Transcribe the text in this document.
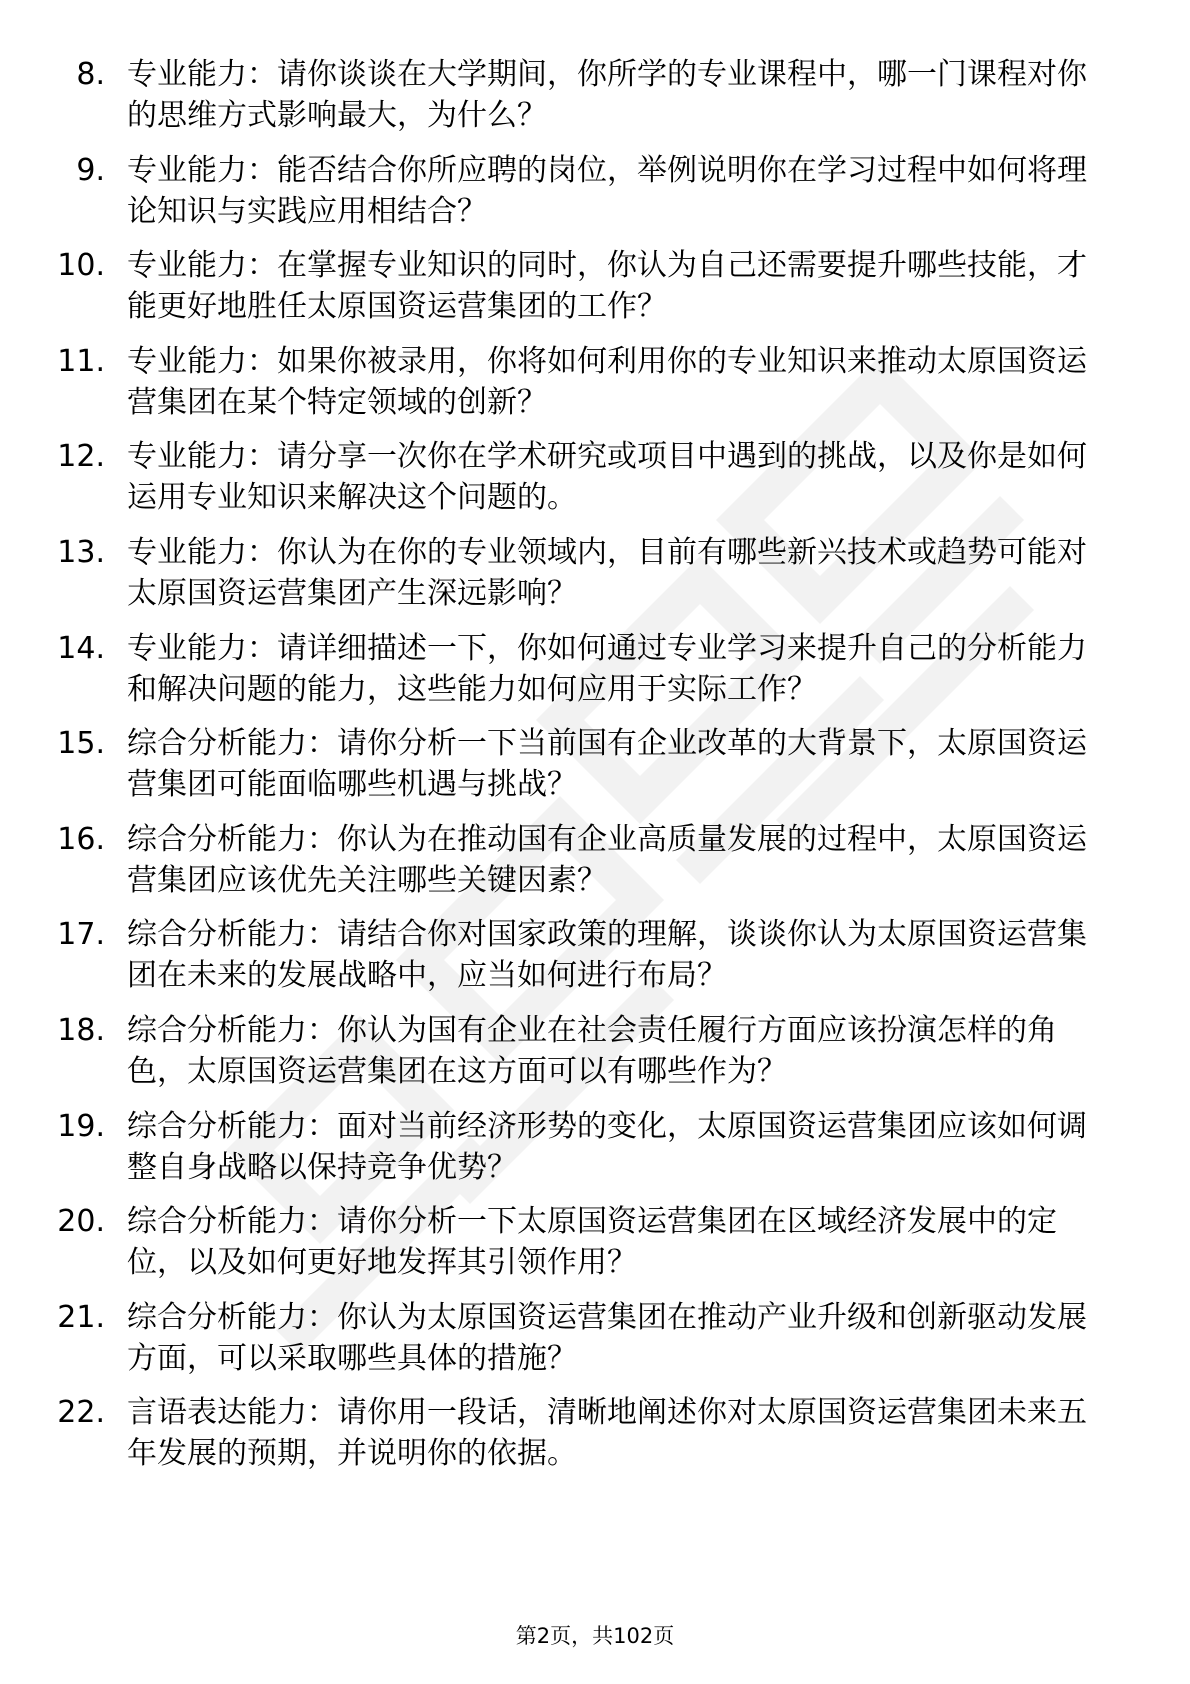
8. 专业能力：请你谈谈在大学期间，你所学的专业课程中，哪一门课程对你的思维方式影响最大，为什么？

9. 专业能力：能否结合你所应聘的岗位，举例说明你在学习过程中如何将理论知识与实践应用相结合？

10. 专业能力：在掌握专业知识的同时，你认为自己还需要提升哪些技能，才能更好地胜任太原国资运营集团的工作？

11. 专业能力：如果你被录用，你将如何利用你的专业知识来推动太原国资运营集团在某个特定领域的创新？

12. 专业能力：请分享一次你在学术研究或项目中遇到的挑战，以及你是如何运用专业知识来解决这个问题的。

13. 专业能力：你认为在你的专业领域内，目前有哪些新兴技术或趋势可能对太原国资运营集团产生深远影响？

14. 专业能力：请详细描述一下，你如何通过专业学习来提升自己的分析能力和解决问题的能力，这些能力如何应用于实际工作？

15. 综合分析能力：请你分析一下当前国有企业改革的大背景下，太原国资运营集团可能面临哪些机遇与挑战？

16. 综合分析能力：你认为在推动国有企业高质量发展的过程中，太原国资运营集团应该优先关注哪些关键因素？

17. 综合分析能力：请结合你对国家政策的理解，谈谈你认为太原国资运营集团在未来的发展战略中，应当如何进行布局？

18. 综合分析能力：你认为国有企业在社会责任履行方面应该扮演怎样的角色，太原国资运营集团在这方面可以有哪些作为？

19. 综合分析能力：面对当前经济形势的变化，太原国资运营集团应该如何调整自身战略以保持竞争优势？

20. 综合分析能力：请你分析一下太原国资运营集团在区域经济发展中的定位，以及如何更好地发挥其引领作用？

21. 综合分析能力：你认为太原国资运营集团在推动产业升级和创新驱动发展方面，可以采取哪些具体的措施？

22. 言语表达能力：请你用一段话，清晰地阐述你对太原国资运营集团未来五年发展的预期，并说明你的依据。

第2页，共102页
